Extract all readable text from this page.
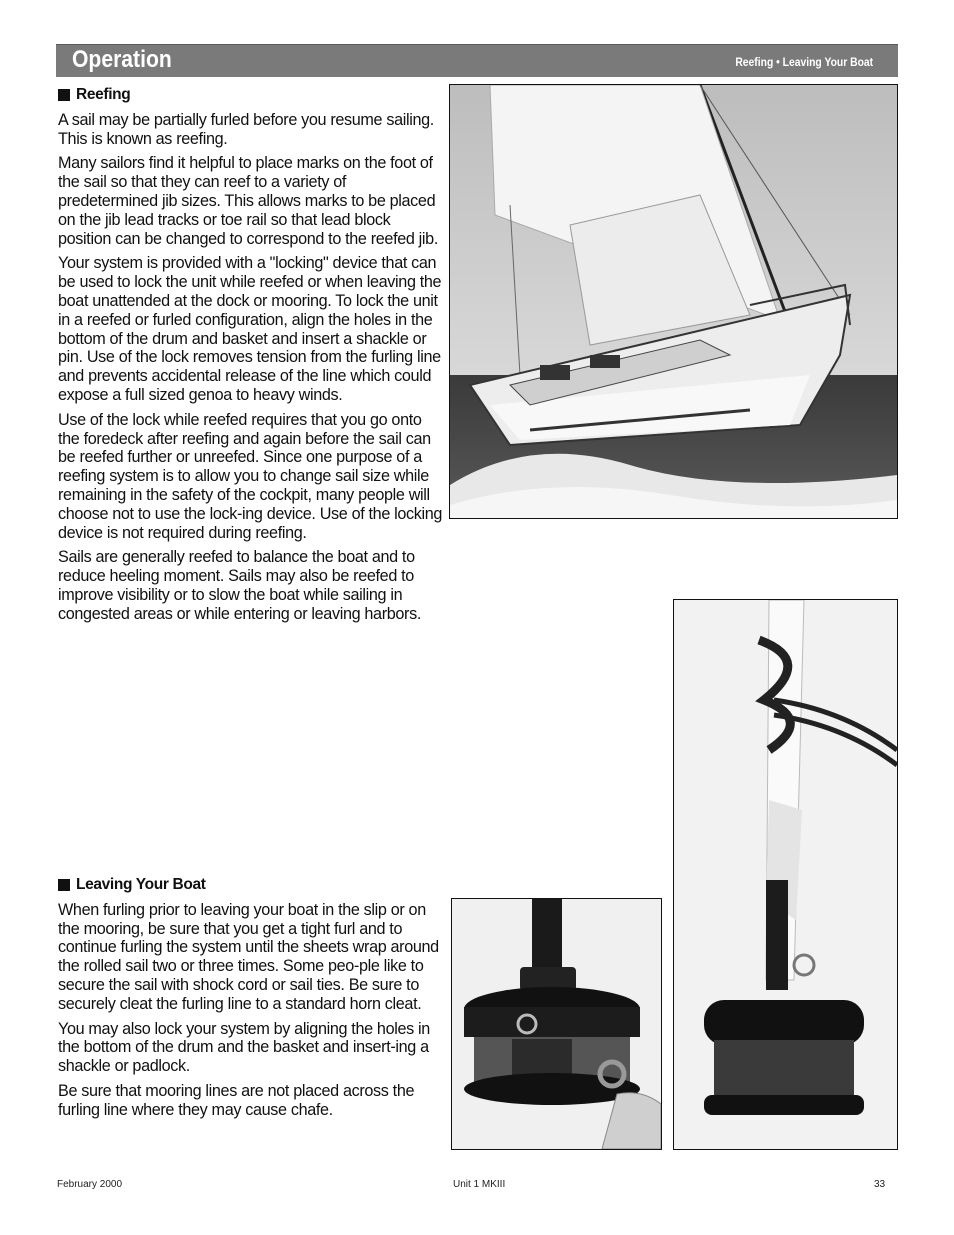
Operation	Reefing • Leaving Your Boat
Reefing

A sail may be partially furled before you resume sailing. This is known as reefing.

Many sailors find it helpful to place marks on the foot of the sail so that they can reef to a variety of predetermined jib sizes. This allows marks to be placed on the jib lead tracks or toe rail so that lead block position can be changed to correspond to the reefed jib.

Your system is provided with a "locking" device that can be used to lock the unit while reefed or when leaving the boat unattended at the dock or mooring. To lock the unit in a reefed or furled configuration, align the holes in the bottom of the drum and basket and insert a shackle or pin. Use of the lock removes tension from the furling line and prevents accidental release of the line which could expose a full sized genoa to heavy winds.

Use of the lock while reefed requires that you go onto the foredeck after reefing and again before the sail can be reefed further or unreefed. Since one purpose of a reefing system is to allow you to change sail size while remaining in the safety of the cockpit, many people will choose not to use the lock-ing device. Use of the locking device is not required during reefing.

Sails are generally reefed to balance the boat and to reduce heeling moment. Sails may also be reefed to improve visibility or to slow the boat while sailing in congested areas or while entering or leaving harbors.

Leaving Your Boat

When furling prior to leaving your boat in the slip or on the mooring, be sure that you get a tight furl and to continue furling the system until the sheets wrap around the rolled sail two or three times. Some peo-ple like to secure the sail with shock cord or sail ties. Be sure to securely cleat the furling line to a standard horn cleat.

You may also lock your system by aligning the holes in the bottom of the drum and the basket and insert-ing a shackle or padlock.

Be sure that mooring lines are not placed across the furling line where they may cause chafe.

February 2000	Unit 1 MKIII	33
